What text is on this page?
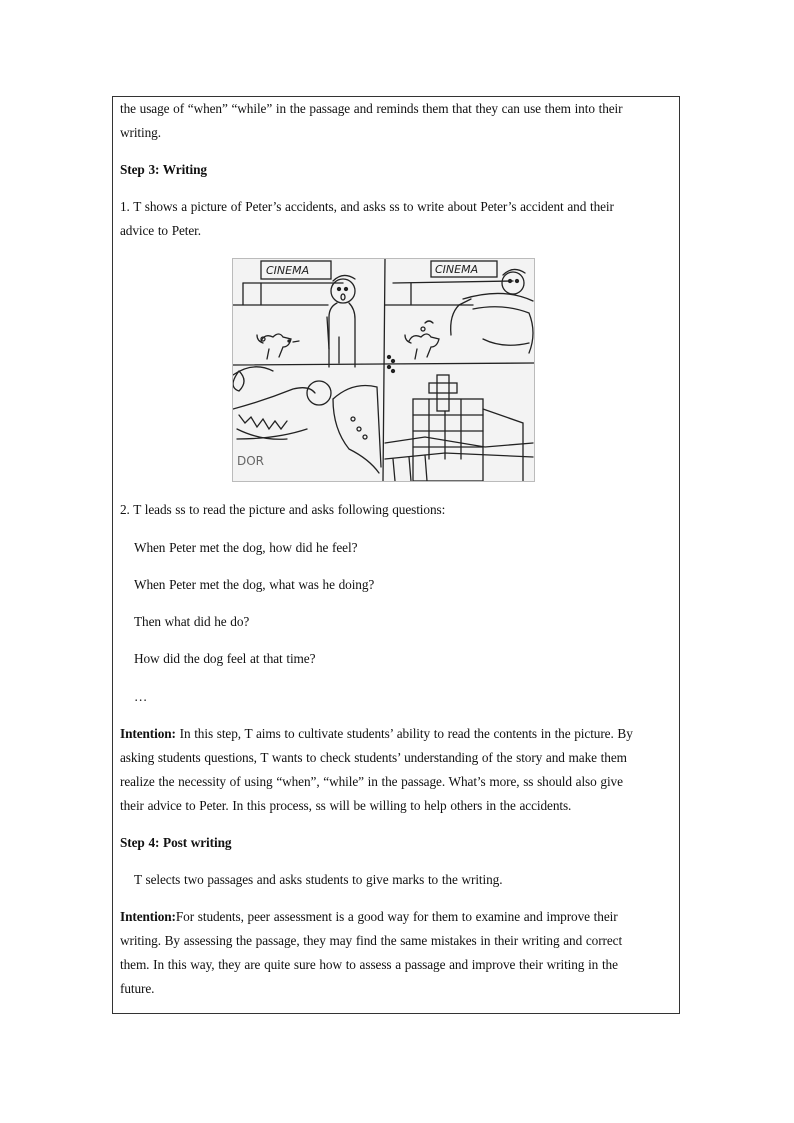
the usage of “when” “while” in the passage and reminds them that they can use them into their

writing.

Step 3: Writing

1. T shows a picture of Peter’s accidents, and asks ss to write about Peter’s accident and their

advice to Peter.

CINEMA	CINEMA
DOR

2. T leads ss to read the picture and asks following questions:

When Peter met the dog, how did he feel?

When Peter met the dog, what was he doing?

Then what did he do?

How did the dog feel at that time?

…

Intention: In this step, T aims to cultivate students’ ability to read the contents in the picture. By

asking students questions, T wants to check students’ understanding of the story and make them

realize the necessity of using “when”, “while” in the passage. What’s more, ss should also give

their advice to Peter. In this process, ss will be willing to help others in the accidents.

Step 4: Post writing

T selects two passages and asks students to give marks to the writing.

Intention:For students, peer assessment is a good way for them to examine and improve their

writing. By assessing the passage, they may find the same mistakes in their writing and correct

them. In this way, they are quite sure how to assess a passage and improve their writing in the

future.
